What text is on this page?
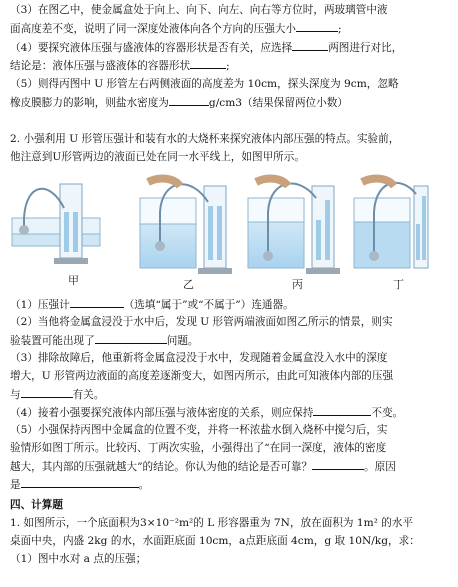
（3）在图乙中，使金属盒处于向上、向下、向左、向右等方位时，两玻璃管中液
面高度差不变，说明了同一深度处液体向各个方向的压强大小	;
（4）要探究液体压强与盛液体的容器形状是否有关，应选择	两图进行对比，
结论是：液体压强与盛液体的容器形状	;
（5）则得丙图中 U 形管左右两侧液面的高度差为 10cm，探头深度为 9cm，忽略
橡皮膜膨力的影响，则盐水密度为	g/cm3（结果保留两位小数）
2. 小强利用 U 形管压强计和装有水的大烧杯来探究液体内部压强的特点。实验前，
他注意到U形管两边的液面已处在同一水平线上，如图甲所示。
甲	乙	丙	丁
（1）压强计	（选填“属于”或“不属于”）连通器。
（2）当他将金属盒浸没于水中后，发现 U 形管两端液面如图乙所示的情景，则实
验装置可能出现了	问题。
（3）排除故障后，他重新将金属盒浸没于水中，发现随着金属盒没入水中的深度
增大，U 形管两边液面的高度差逐渐变大，如图丙所示，由此可知液体内部的压强
与	有关。
（4）接着小强要探究液体内部压强与液体密度的关系，则应保持	不变。
（5）小强保持丙图中金属盒的位置不变，并将一杯浓盐水倒入烧杯中搅匀后，实
验情形如图丁所示。比较丙、丁两次实验，小强得出了“在同一深度，液体的密度
越大，其内部的压强就越大”的结论。你认为他的结论是否可靠？	。原因
是	。
四、计算题
1. 如图所示，一个底面积为3×10⁻²m²的 L 形容器重为 7N，放在面积为 1m² 的水平
桌面中央，内盛 2kg 的水，水面距底面 10cm，a点距底面 4cm，g 取 10N/kg，求：
（1）图中水对 a 点的压强；
